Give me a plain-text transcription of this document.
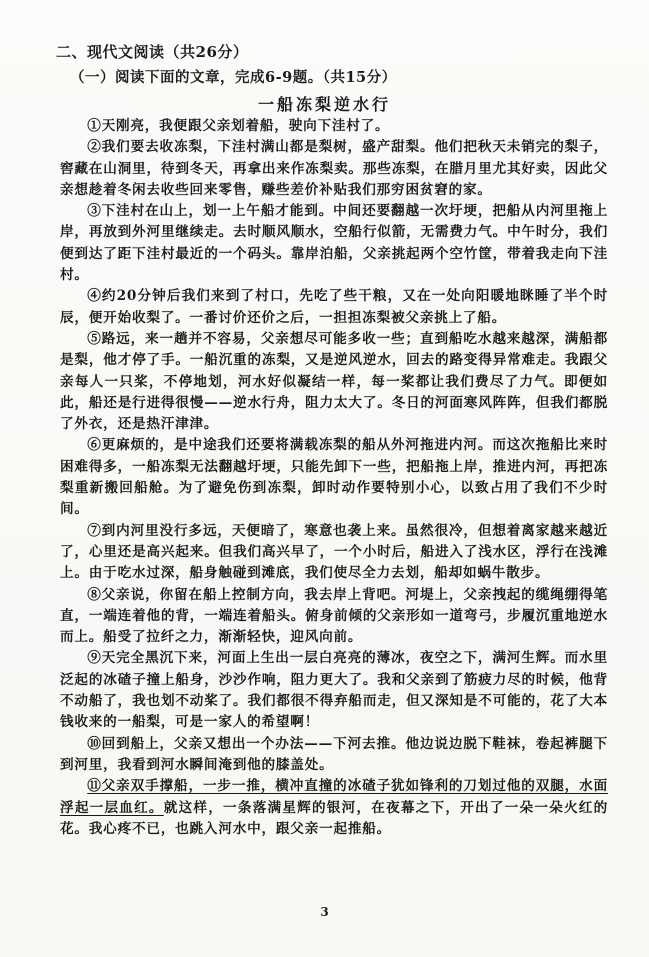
二、现代文阅读（共26分）
（一）阅读下面的文章，完成6-9题。（共15分）
一船冻梨逆水行

①天刚亮，我便跟父亲划着船，驶向下洼村了。

②我们要去收冻梨，下洼村满山都是梨树，盛产甜梨。他们把秋天未销完的梨子，窖藏在山洞里，待到冬天，再拿出来作冻梨卖。那些冻梨，在腊月里尤其好卖，因此父亲想趁着冬闲去收些回来零售，赚些差价补贴我们那穷困贫窘的家。

③下洼村在山上，划一上午船才能到。中间还要翻越一次圩埂，把船从内河里拖上岸，再放到外河里继续走。去时顺风顺水，空船行似箭，无需费力气。中午时分，我们便到达了距下洼村最近的一个码头。靠岸泊船，父亲挑起两个空竹筐，带着我走向下洼村。

④约20分钟后我们来到了村口，先吃了些干粮，又在一处向阳暖地眯睡了半个时辰，便开始收梨了。一番讨价还价之后，一担担冻梨被父亲挑上了船。

⑤路远，来一趟并不容易，父亲想尽可能多收一些；直到船吃水越来越深，满船都是梨，他才停了手。一船沉重的冻梨，又是逆风逆水，回去的路变得异常难走。我跟父亲每人一只桨，不停地划，河水好似凝结一样，每一桨都让我们费尽了力气。即便如此，船还是行进得很慢——逆水行舟，阻力太大了。冬日的河面寒风阵阵，但我们都脱了外衣，还是热汗津津。

⑥更麻烦的，是中途我们还要将满载冻梨的船从外河拖进内河。而这次拖船比来时困难得多，一船冻梨无法翻越圩埂，只能先卸下一些，把船拖上岸，推进内河，再把冻梨重新搬回船舱。为了避免伤到冻梨，卸时动作要特别小心，以致占用了我们不少时间。

⑦到内河里没行多远，天便暗了，寒意也袭上来。虽然很冷，但想着离家越来越近了，心里还是高兴起来。但我们高兴早了，一个小时后，船进入了浅水区，浮行在浅滩上。由于吃水过深，船身触碰到滩底，我们使尽全力去划，船却如蜗牛散步。

⑧父亲说，你留在船上控制方向，我去岸上背吧。河堤上，父亲拽起的缆绳绷得笔直，一端连着他的背，一端连着船头。俯身前倾的父亲形如一道弯弓，步履沉重地逆水而上。船受了拉纤之力，渐渐轻快，迎风向前。

⑨天完全黑沉下来，河面上生出一层白亮亮的薄冰，夜空之下，满河生辉。而水里泛起的冰碴子撞上船身，沙沙作响，阻力更大了。我和父亲到了筋疲力尽的时候，他背不动船了，我也划不动桨了。我们都很不得弃船而走，但又深知是不可能的，花了大本钱收来的一船梨，可是一家人的希望啊！

⑩回到船上，父亲又想出一个办法——下河去推。他边说边脱下鞋袜，卷起裤腿下到河里，我看到河水瞬间淹到他的膝盖处。

⑪父亲双手撑船，一步一推，横冲直撞的冰碴子犹如锋利的刀划过他的双腿，水面浮起一层血红。就这样，一条落满星辉的银河，在夜幕之下，开出了一朵一朵火红的花。我心疼不已，也跳入河水中，跟父亲一起推船。

3
